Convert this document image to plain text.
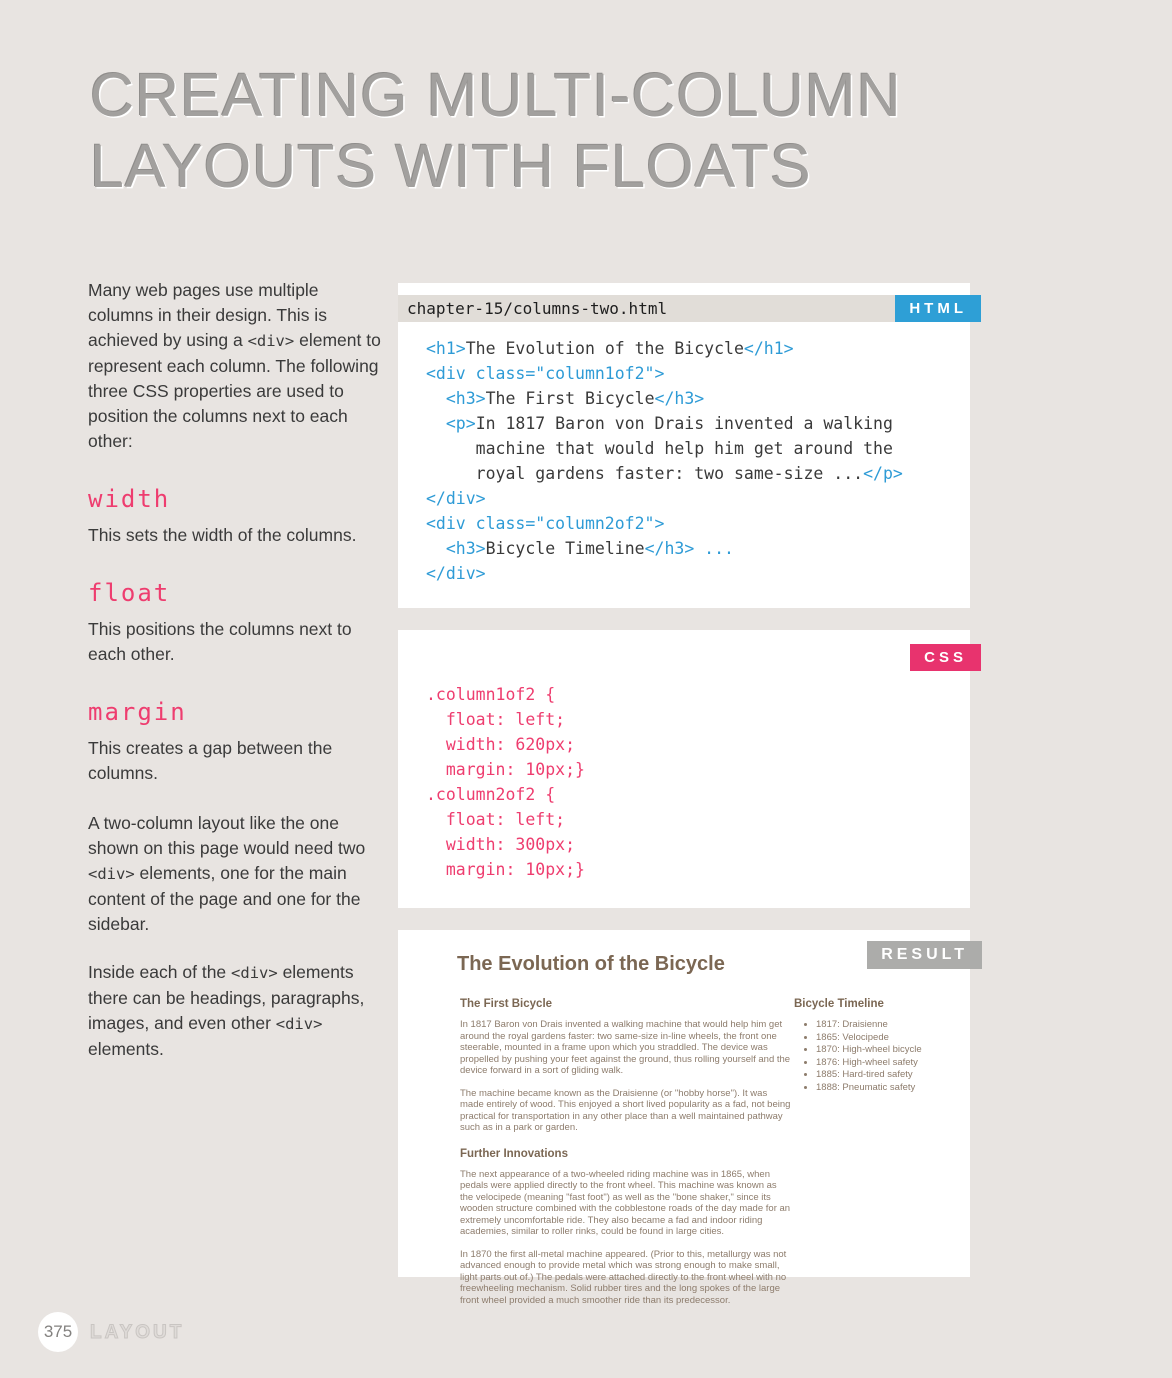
CREATING MULTI-COLUMN
LAYOUTS WITH FLOATS

Many web pages use multiple columns in their design. This is achieved by using a <div> element to represent each column. The following three CSS properties are used to position the columns next to each other:

width

This sets the width of the columns.

float

This positions the columns next to each other.

margin

This creates a gap between the columns.

A two-column layout like the one shown on this page would need two <div> elements, one for the main content of the page and one for the sidebar.

Inside each of the <div> elements there can be headings, paragraphs, images, and even other <div> elements.

chapter-15/columns-two.html	HTML
<h1>The Evolution of the Bicycle</h1>
<div class="column1of2">
<h3>The First Bicycle</h3>
<p>In 1817 Baron von Drais invented a walking
machine that would help him get around the
royal gardens faster: two same-size ...</p>
</div>
<div class="column2of2">
<h3>Bicycle Timeline</h3> ...
</div>
CSS
.column1of2 {
float: left;
width: 620px;
margin: 10px;}
.column2of2 {
float: left;
width: 300px;
margin: 10px;}
RESULT
The Evolution of the Bicycle
The First Bicycle

In 1817 Baron von Drais invented a walking machine that would help him get around the royal gardens faster: two same-size in-line wheels, the front one steerable, mounted in a frame upon which you straddled. The device was propelled by pushing your feet against the ground, thus rolling yourself and the device forward in a sort of gliding walk.

The machine became known as the Draisienne (or "hobby horse"). It was made entirely of wood. This enjoyed a short lived popularity as a fad, not being practical for transportation in any other place than a well maintained pathway such as in a park or garden.

Further Innovations

The next appearance of a two-wheeled riding machine was in 1865, when pedals were applied directly to the front wheel. This machine was known as the velocipede (meaning "fast foot") as well as the "bone shaker," since its wooden structure combined with the cobblestone roads of the day made for an extremely uncomfortable ride. They also became a fad and indoor riding academies, similar to roller rinks, could be found in large cities.

In 1870 the first all-metal machine appeared. (Prior to this, metallurgy was not advanced enough to provide metal which was strong enough to make small, light parts out of.) The pedals were attached directly to the front wheel with no freewheeling mechanism. Solid rubber tires and the long spokes of the large front wheel provided a much smoother ride than its predecessor.

Bicycle Timeline
• 1817: Draisienne
• 1865: Velocipede
• 1870: High-wheel bicycle
• 1876: High-wheel safety
• 1885: Hard-tired safety
• 1888: Pneumatic safety
375 LAYOUT
